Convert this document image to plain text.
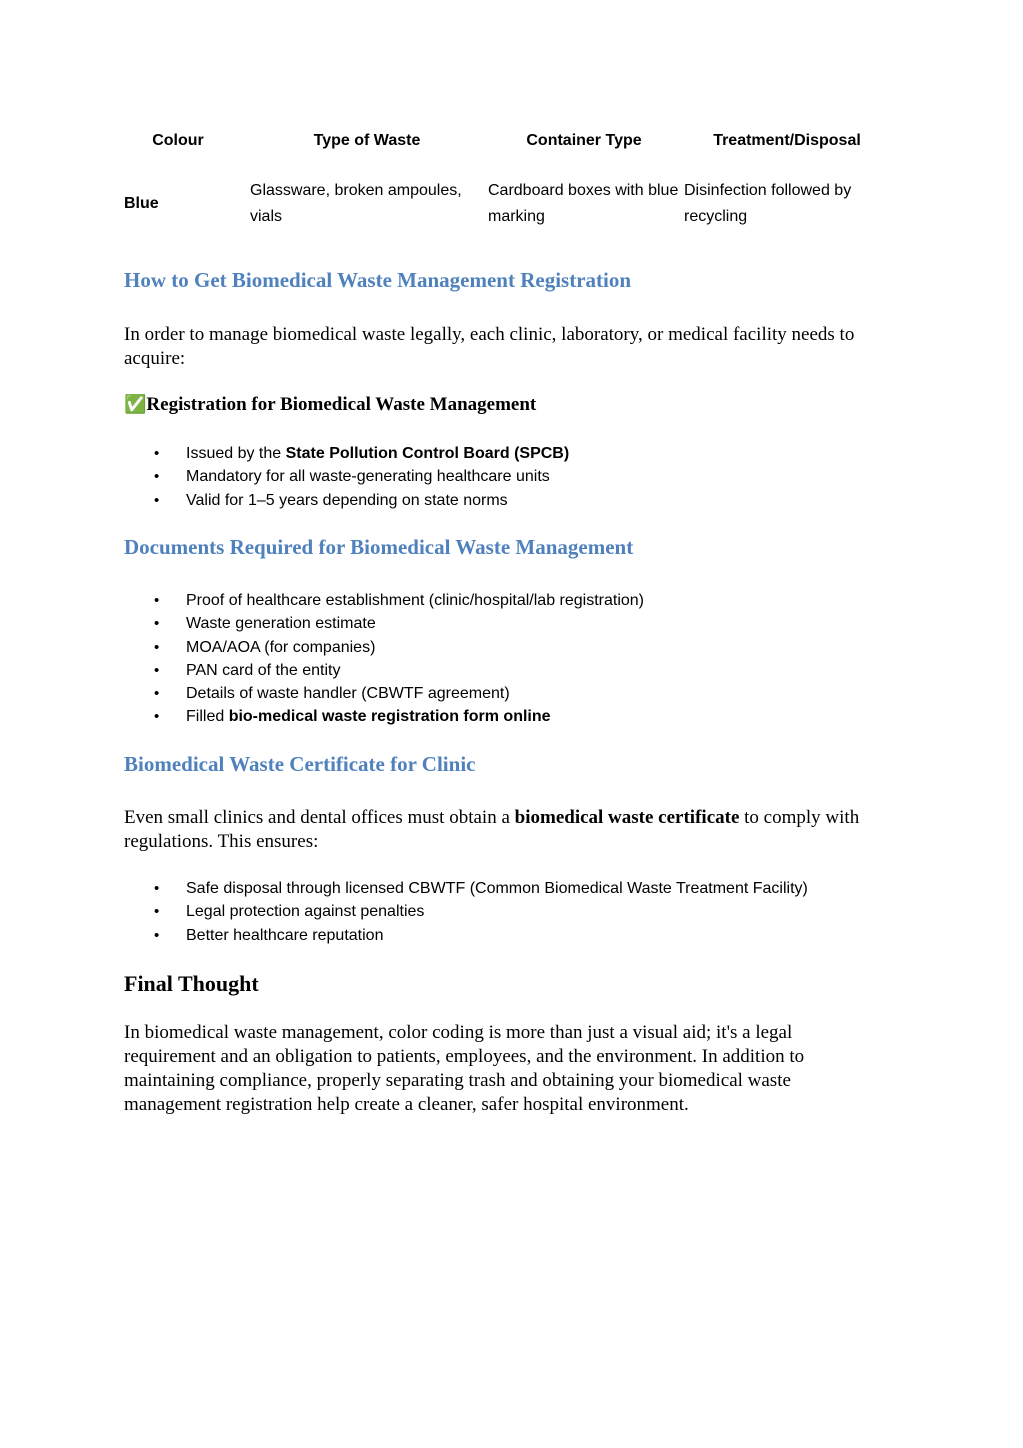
Colour	Type of Waste	Container Type	Treatment/Disposal

Blue	Glassware, broken ampoules, vials	Cardboard boxes with blue marking	Disinfection followed by recycling
How to Get Biomedical Waste Management Registration

In order to manage biomedical waste legally, each clinic, laboratory, or medical facility needs to acquire:

✅Registration for Biomedical Waste Management

• Issued by the State Pollution Control Board (SPCB)
• Mandatory for all waste-generating healthcare units
• Valid for 1–5 years depending on state norms
Documents Required for Biomedical Waste Management
• Proof of healthcare establishment (clinic/hospital/lab registration)
• Waste generation estimate
• MOA/AOA (for companies)
• PAN card of the entity
• Details of waste handler (CBWTF agreement)
• Filled bio-medical waste registration form online
Biomedical Waste Certificate for Clinic

Even small clinics and dental offices must obtain a biomedical waste certificate to comply with regulations. This ensures:

• Safe disposal through licensed CBWTF (Common Biomedical Waste Treatment Facility)
• Legal protection against penalties
• Better healthcare reputation
Final Thought

In biomedical waste management, color coding is more than just a visual aid; it's a legal requirement and an obligation to patients, employees, and the environment. In addition to maintaining compliance, properly separating trash and obtaining your biomedical waste management registration help create a cleaner, safer hospital environment.
